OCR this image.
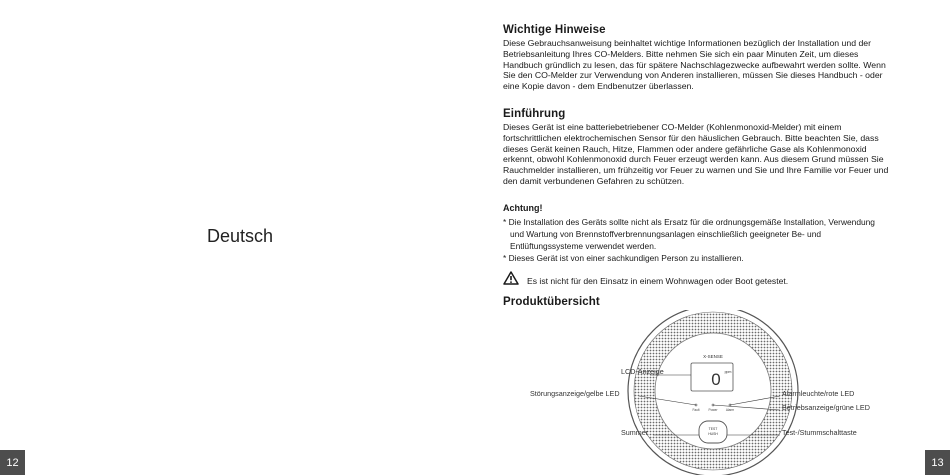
Deutsch
12
Wichtige Hinweise

Diese Gebrauchsanweisung beinhaltet wichtige Informationen bezüglich der Installation und der
Betriebsanleitung Ihres CO-Melders. Bitte nehmen Sie sich ein paar Minuten Zeit, um dieses
Handbuch gründlich zu lesen, das für spätere Nachschlagezwecke aufbewahrt werden sollte. Wenn
Sie den CO-Melder zur Verwendung von Anderen installieren, müssen Sie dieses Handbuch - oder
eine Kopie davon - dem Endbenutzer überlassen.

Einführung

Dieses Gerät ist eine batteriebetriebener CO-Melder (Kohlenmonoxid-Melder) mit einem
fortschrittlichen elektrochemischen Sensor für den häuslichen Gebrauch. Bitte beachten Sie, dass
dieses Gerät keinen Rauch, Hitze, Flammen oder andere gefährliche Gase als Kohlenmonoxid
erkennt, obwohl Kohlenmonoxid durch Feuer erzeugt werden kann. Aus diesem Grund müssen Sie
Rauchmelder installieren, um frühzeitig vor Feuer zu warnen und Sie und Ihre Familie vor Feuer und
den damit verbundenen Gefahren zu schützen.

Achtung!

* Die Installation des Geräts sollte nicht als Ersatz für die ordnungsgemäße Installation, Verwendung

und Wartung von Brennstoffverbrennungsanlagen einschließlich geeigneter Be- und

Entlüftungssysteme verwendet werden.

* Dieses Gerät ist von einer sachkundigen Person zu installieren.

Es ist nicht für den Einsatz in einem Wohnwagen oder Boot getestet.
Produktübersicht
X-SENSE
0 ppm
Fault	Power	Alarm
TEST
HUSH
LCD-Anzeige
Störungsanzeige/gelbe LED
Summer
Alarmleuchte/rote LED
Betriebsanzeige/grüne LED
Test-/Stummschalttaste
13
